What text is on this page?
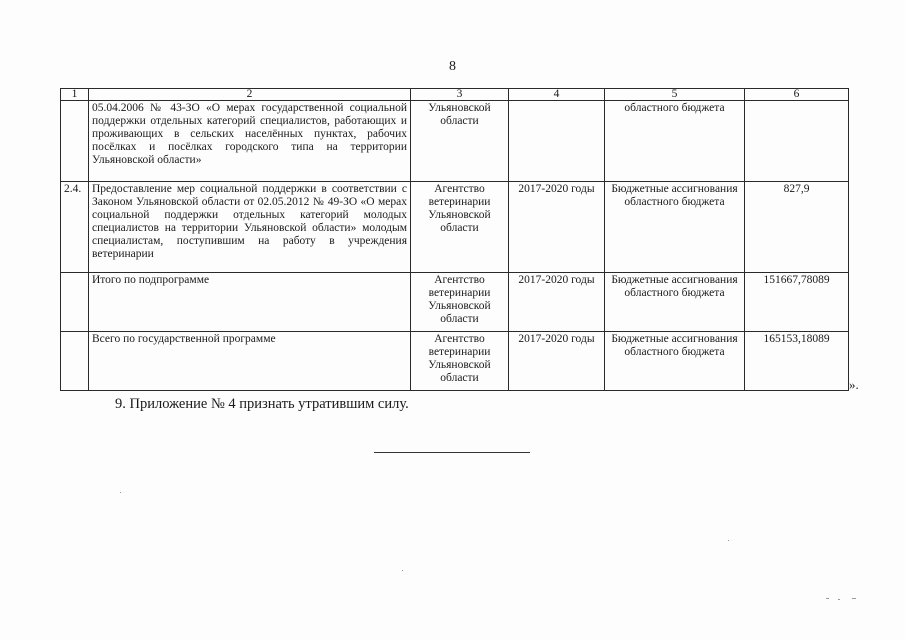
8
1	2	3	4	5	6
	05.04.2006 № 43-ЗО «О мерах государственной социальной поддержки отдельных категорий специалистов, работающих и проживающих в сельских населённых пунктах, рабочих посёлках и посёлках городского типа на территории Ульяновской области»	Ульяновской области		областного бюджета	
2.4.	Предоставление мер социальной поддержки в соответствии с Законом Ульяновской области от 02.05.2012 № 49-ЗО «О мерах социальной поддержки отдельных категорий молодых специалистов на территории Ульяновской области» молодым специалистам, поступившим на работу в учреждения ветеринарии	Агентство ветеринарии Ульяновской области	2017-2020 годы	Бюджетные ассигнования областного бюджета	827,9
	Итого по подпрограмме	Агентство ветеринарии Ульяновской области	2017-2020 годы	Бюджетные ассигнования областного бюджета	151667,78089
	Всего по государственной программе	Агентство ветеринарии Ульяновской области	2017-2020 годы	Бюджетные ассигнования областного бюджета	165153,18089
».
9. Приложение № 4 признать утратившим силу.
